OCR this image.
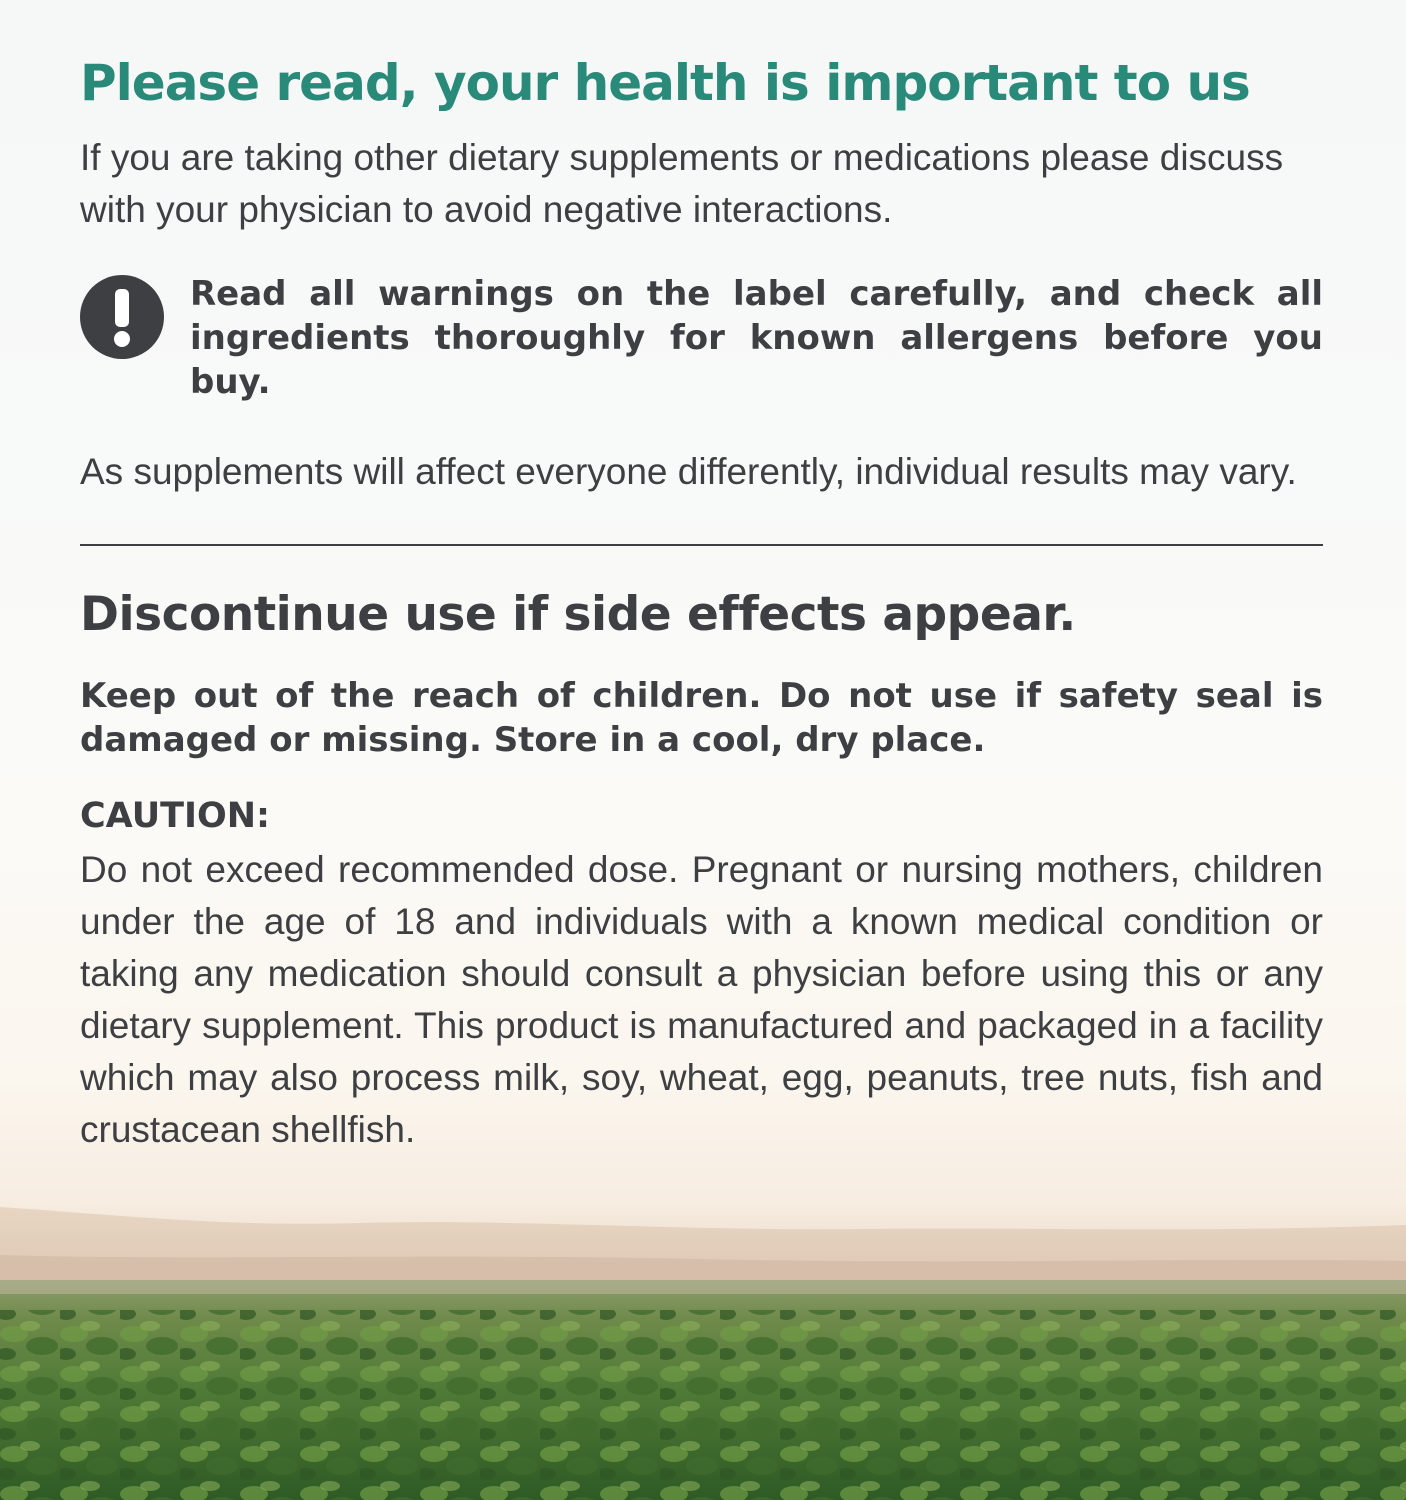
Please read, your health is important to us

If you are taking other dietary supplements or medications please discuss with your physician to avoid negative interactions.

Read all warnings on the label carefully, and check all ingredients thoroughly for known allergens before you buy.

As supplements will affect everyone differently, individual results may vary.

Discontinue use if side effects appear.

Keep out of the reach of children. Do not use if safety seal is damaged or missing. Store in a cool, dry place.

CAUTION:

Do not exceed recommended dose. Pregnant or nursing mothers, children under the age of 18 and individuals with a known medical condition or taking any medication should consult a physician before using this or any dietary supplement. This product is manufactured and packaged in a facility which may also process milk, soy, wheat, egg, peanuts, tree nuts, fish and crustacean shellfish.
